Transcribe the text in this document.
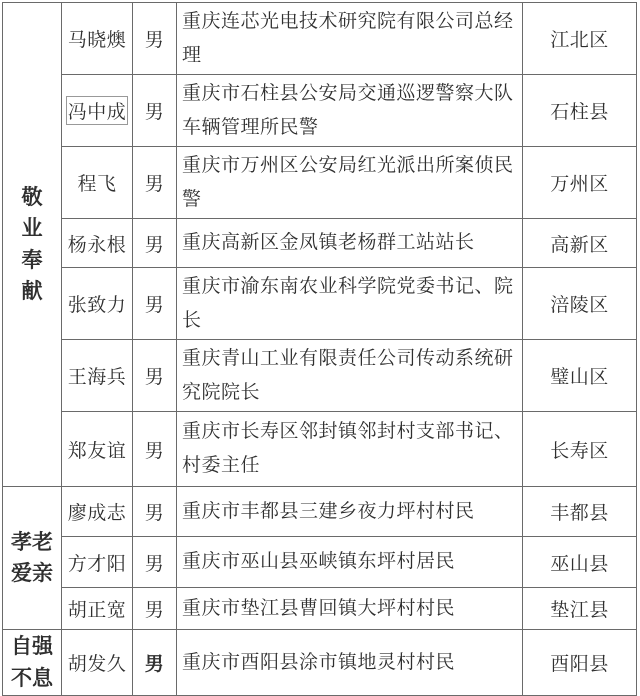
敬业奉献	马晓燠	男	重庆连芯光电技术研究院有限公司总经理	江北区
	冯中成	男	重庆市石柱县公安局交通巡逻警察大队车辆管理所民警	石柱县
	程飞	男	重庆市万州区公安局红光派出所案侦民警	万州区
	杨永根	男	重庆高新区金凤镇老杨群工站站长	高新区
	张致力	男	重庆市渝东南农业科学院党委书记、院长	涪陵区
	王海兵	男	重庆青山工业有限责任公司传动系统研究院院长	璧山区
	郑友谊	男	重庆市长寿区邻封镇邻封村支部书记、村委主任	长寿区
孝老爱亲	廖成志	男	重庆市丰都县三建乡夜力坪村村民	丰都县
	方才阳	男	重庆市巫山县巫峡镇东坪村居民	巫山县
	胡正宽	男	重庆市垫江县曹回镇大坪村村民	垫江县
自强不息	胡发久	男	重庆市酉阳县涂市镇地灵村村民	酉阳县
